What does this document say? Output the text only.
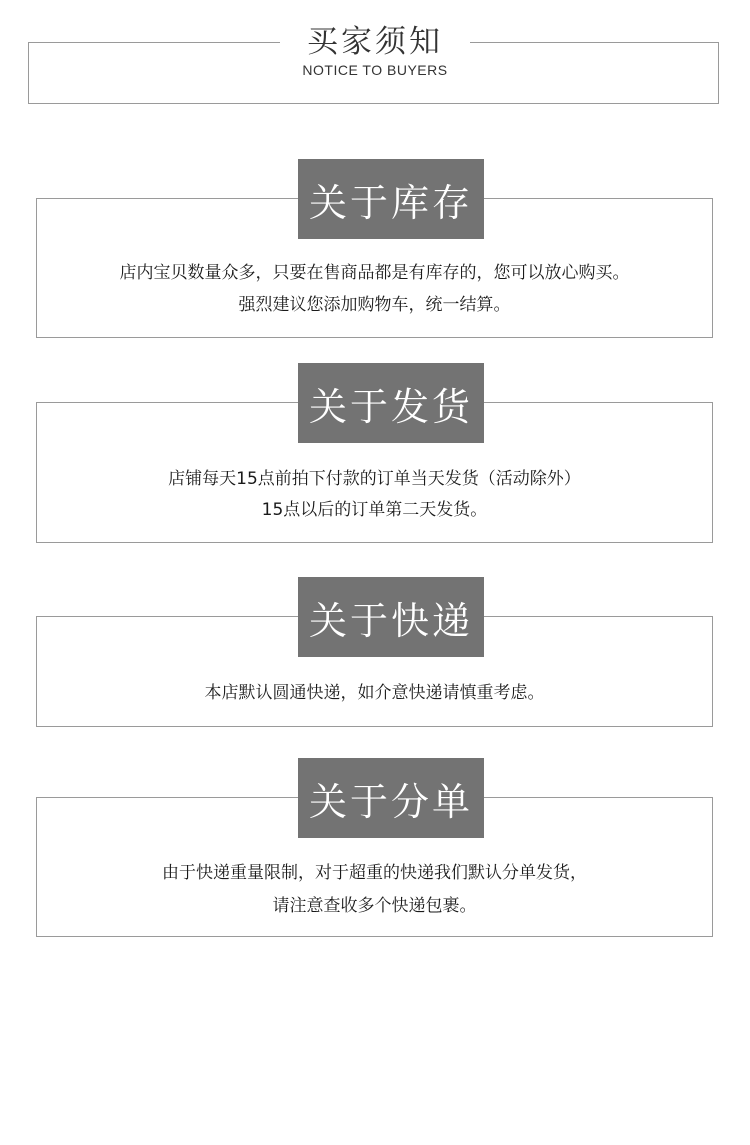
买家须知
NOTICE TO BUYERS
店内宝贝数量众多，只要在售商品都是有库存的，您可以放心购买。
强烈建议您添加购物车，统一结算。
关于库存
店铺每天15点前拍下付款的订单当天发货（活动除外）
15点以后的订单第二天发货。
关于发货
本店默认圆通快递，如介意快递请慎重考虑。
关于快递
由于快递重量限制，对于超重的快递我们默认分单发货，
请注意查收多个快递包裹。
关于分单
